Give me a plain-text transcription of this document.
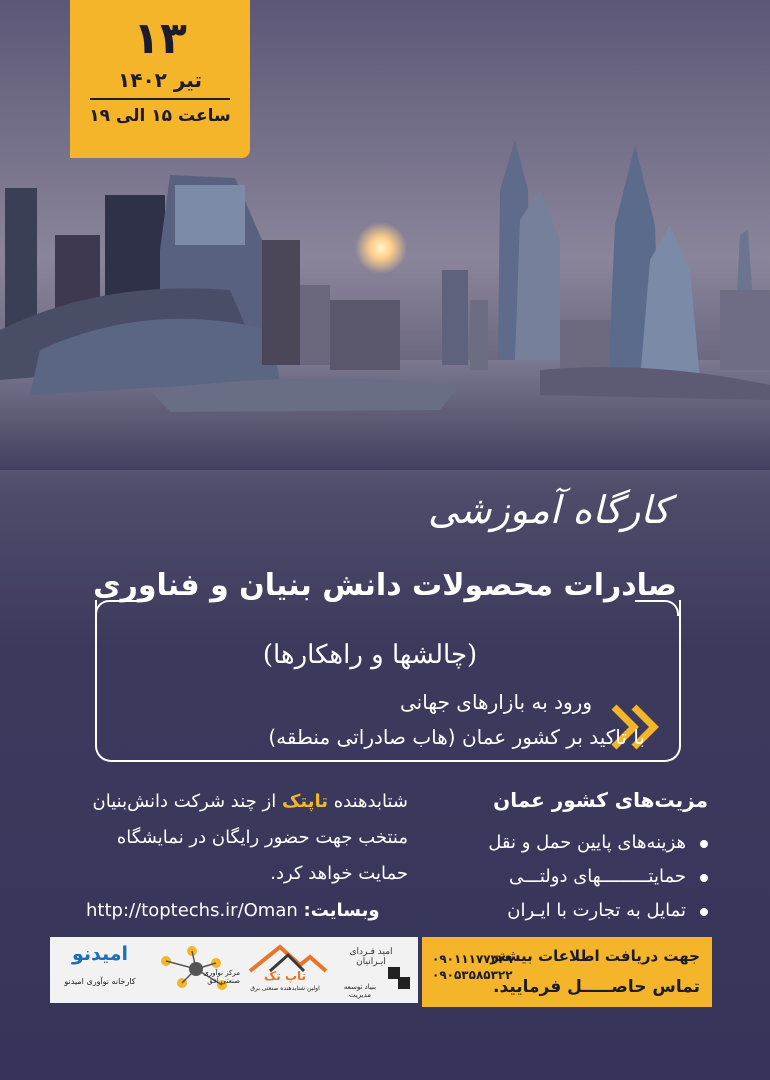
۱۳
تیر ۱۴۰۲
ساعت ۱۵ الی ۱۹
کارگاه آموزشی
صادرات محصولات دانش بنیان و فناوری
(چالشها و راهکارها)
ورود به بازارهای جهانی
با تاکید بر کشور عمان (هاب صادراتی منطقه)
مزیت‌های کشور عمان
هزینه‌های پایین حمل و نقل
حمایتـــــــــهای دولتـــی
تمایل به تجارت با ایـران
شتابدهنده تاپتک از چند شرکت دانش‌بنیان منتخب جهت حضور رایگان در نمایشگاه حمایت خواهد کرد.
وبسایت: http://toptechs.ir/Oman
امیدنو
کارخانه نوآوری امیدنو
مرکز نوآوری صنعتی افق	تاپ تک
اولین شتابدهنده صنعتی برق
امید فـردای ایـرانیان
بنیاد توسعه مدیریت
جهت دریافت اطلاعات بیشتر
تماس حاصـــــل فرمایید.
۰۹۰۱۱۱۷۷۳۲۹
۰۹۰۵۳۵۸۵۳۲۲
